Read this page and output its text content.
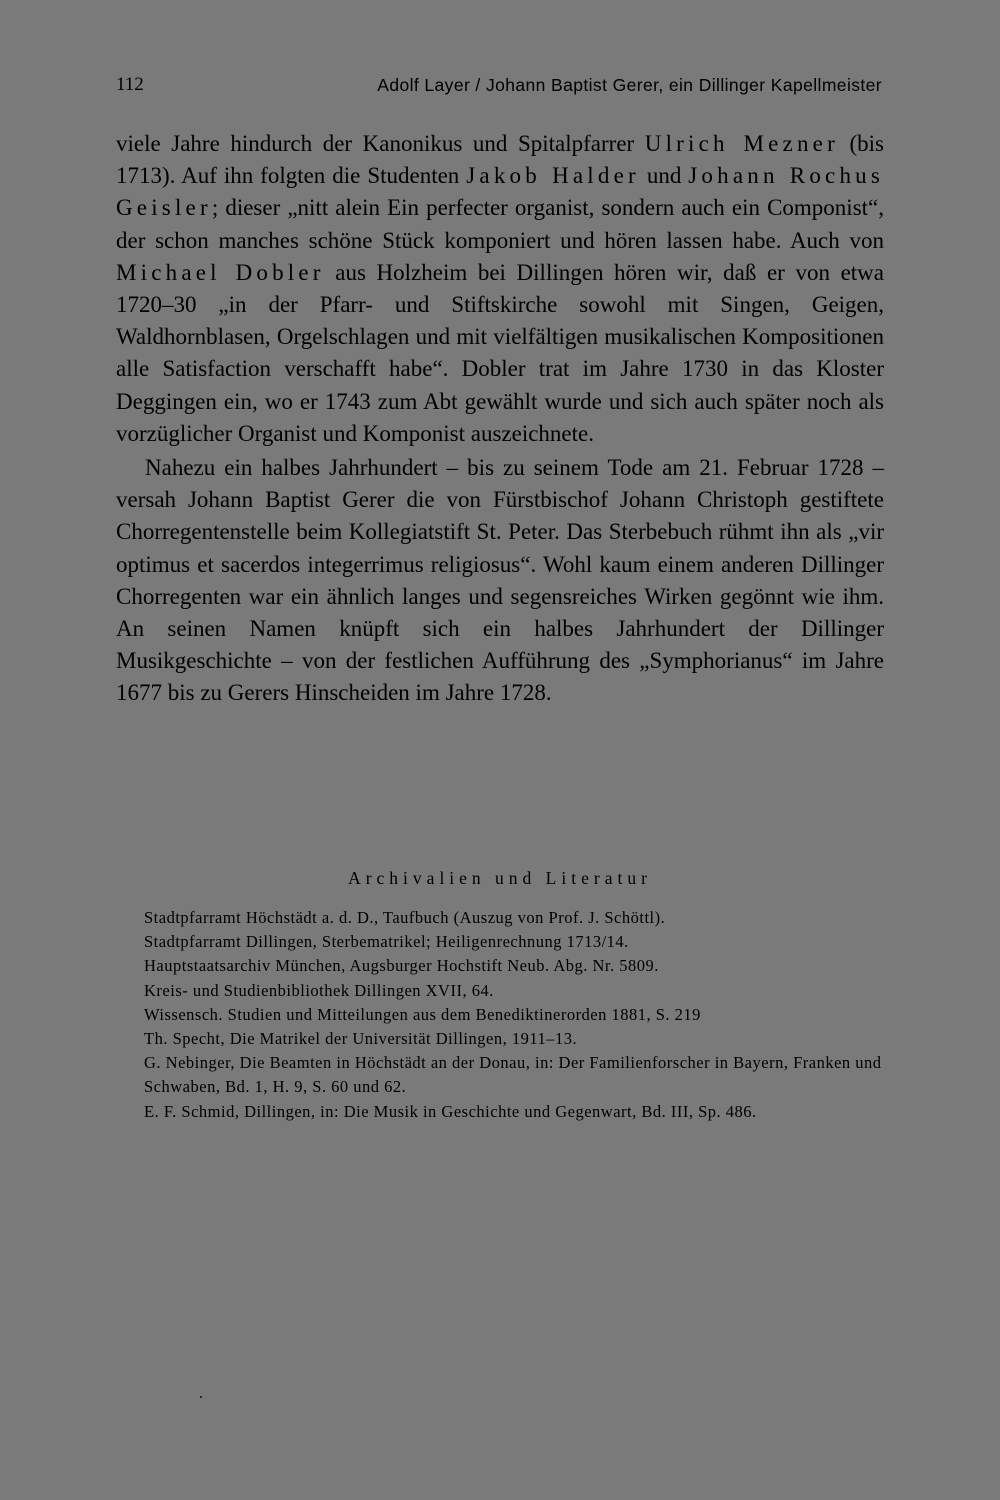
112	Adolf Layer / Johann Baptist Gerer, ein Dillinger Kapellmeister

viele Jahre hindurch der Kanonikus und Spitalpfarrer Ulrich Mezner (bis 1713). Auf ihn folgten die Studenten Jakob Halder und Johann Rochus Geisler; dieser „nitt alein Ein perfecter organist, sondern auch ein Componist“, der schon manches schöne Stück komponiert und hören lassen habe. Auch von Michael Dobler aus Holzheim bei Dillingen hören wir, daß er von etwa 1720–30 „in der Pfarr- und Stiftskirche sowohl mit Singen, Geigen, Waldhornblasen, Orgelschlagen und mit vielfältigen musikalischen Kompositionen alle Satisfaction verschafft habe“. Dobler trat im Jahre 1730 in das Kloster Deggingen ein, wo er 1743 zum Abt gewählt wurde und sich auch später noch als vorzüglicher Organist und Komponist auszeichnete.

Nahezu ein halbes Jahrhundert – bis zu seinem Tode am 21. Februar 1728 – versah Johann Baptist Gerer die von Fürstbischof Johann Christoph gestiftete Chorregentenstelle beim Kollegiatstift St. Peter. Das Sterbebuch rühmt ihn als „vir optimus et sacerdos integerrimus religiosus“. Wohl kaum einem anderen Dillinger Chorregenten war ein ähnlich langes und segensreiches Wirken gegönnt wie ihm. An seinen Namen knüpft sich ein halbes Jahrhundert der Dillinger Musikgeschichte – von der festlichen Aufführung des „Symphorianus“ im Jahre 1677 bis zu Gerers Hinscheiden im Jahre 1728.

Archivalien und Literatur

Stadtpfarramt Höchstädt a. d. D., Taufbuch (Auszug von Prof. J. Schöttl).

Stadtpfarramt Dillingen, Sterbematrikel; Heiligenrechnung 1713/14.

Hauptstaatsarchiv München, Augsburger Hochstift Neub. Abg. Nr. 5809.

Kreis- und Studienbibliothek Dillingen XVII, 64.

Wissensch. Studien und Mitteilungen aus dem Benediktinerorden 1881, S. 219

Th. Specht, Die Matrikel der Universität Dillingen, 1911–13.

G. Nebinger, Die Beamten in Höchstädt an der Donau, in: Der Familienforscher in Bayern, Franken und Schwaben, Bd. 1, H. 9, S. 60 und 62.

E. F. Schmid, Dillingen, in: Die Musik in Geschichte und Gegenwart, Bd. III, Sp. 486.
